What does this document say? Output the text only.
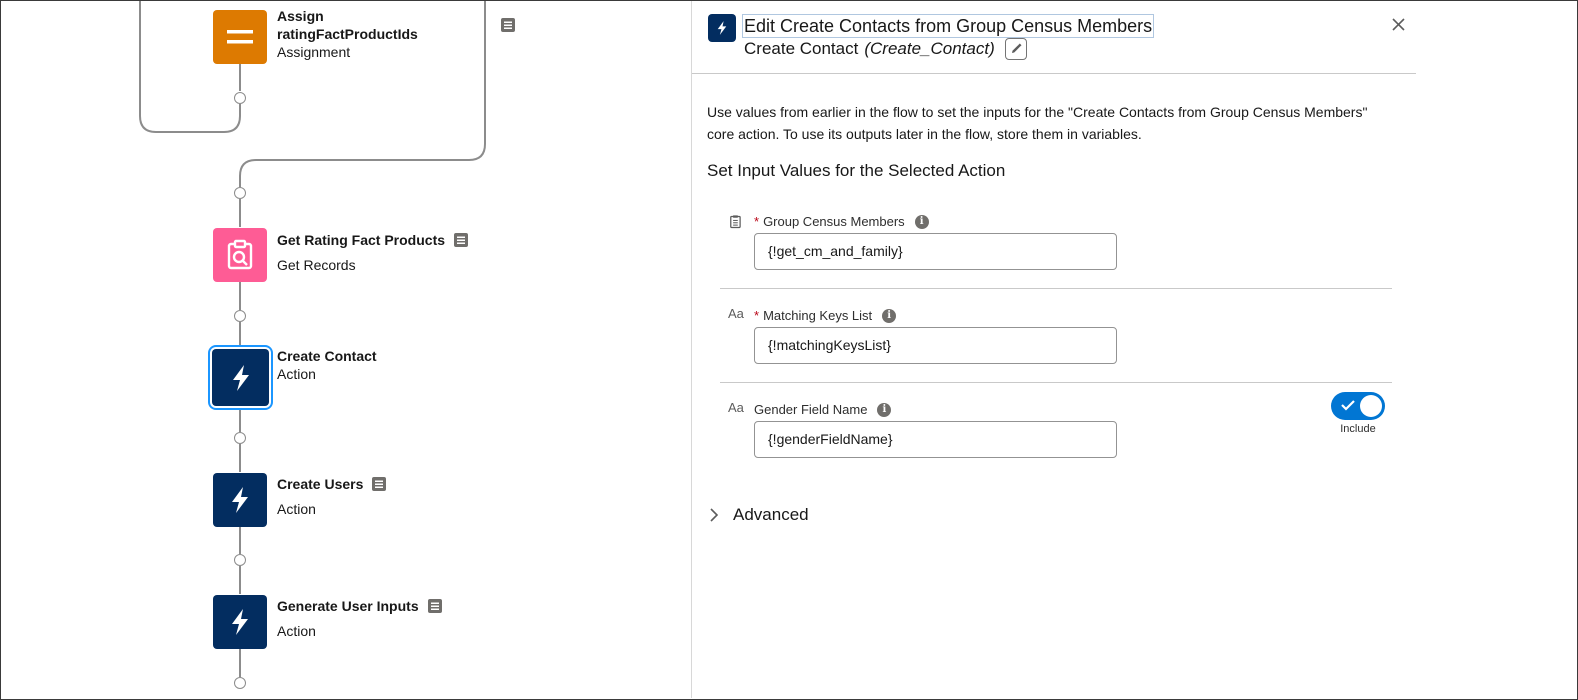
Assign
ratingFactProductIds
Assignment
Get Rating Fact Products
Get Records
Create Contact
Action
Create Users
Action
Generate User Inputs
Action
Edit Create Contacts from Group Census Members
Create Contact (Create_Contact)
Use values from earlier in the flow to set the inputs for the "Create Contacts from Group Census Members" core action. To use its outputs later in the flow, store them in variables.
Set Input Values for the Selected Action
* Group Census Members	i
{!get_cm_and_family}
Aa * Matching Keys List	i
{!matchingKeysList}
Aa Gender Field Name	i
{!genderFieldName}
Include
Advanced
